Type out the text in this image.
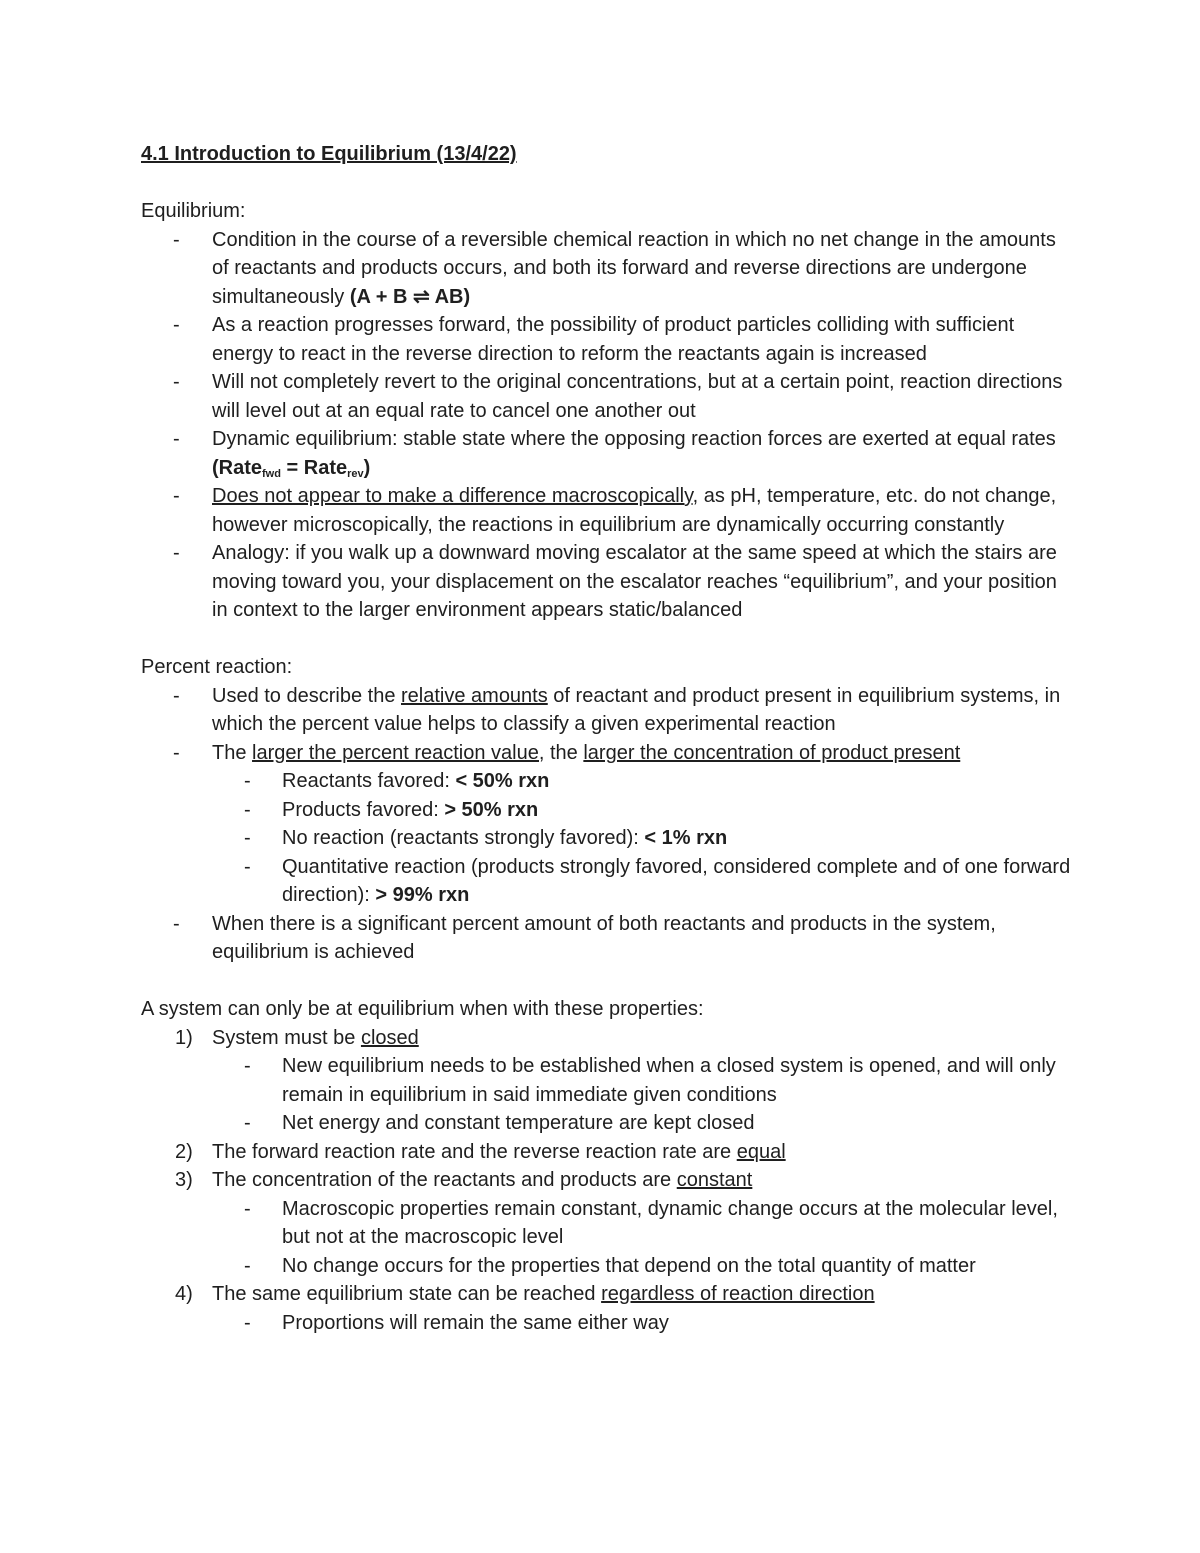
4.1 Introduction to Equilibrium (13/4/22)

Equilibrium:

- Condition in the course of a reversible chemical reaction in which no net change in the amounts of reactants and products occurs, and both its forward and reverse directions are undergone simultaneously (A + B ⇌ AB)
- As a reaction progresses forward, the possibility of product particles colliding with sufficient energy to react in the reverse direction to reform the reactants again is increased
- Will not completely revert to the original concentrations, but at a certain point, reaction directions will level out at an equal rate to cancel one another out
- Dynamic equilibrium: stable state where the opposing reaction forces are exerted at equal rates (Rate$_{fwd}$ = Rate$_{rev}$)
- Does not appear to make a difference macroscopically, as pH, temperature, etc. do not change, however microscopically, the reactions in equilibrium are dynamically occurring constantly
- Analogy: if you walk up a downward moving escalator at the same speed at which the stairs are moving toward you, your displacement on the escalator reaches “equilibrium”, and your position in context to the larger environment appears static/balanced

Percent reaction:

- Used to describe the relative amounts of reactant and product present in equilibrium systems, in which the percent value helps to classify a given experimental reaction
- The larger the percent reaction value, the larger the concentration of product present
- Reactants favored: < 50% rxn
- Products favored: > 50% rxn
- No reaction (reactants strongly favored): < 1% rxn
- Quantitative reaction (products strongly favored, considered complete and of one forward direction): > 99% rxn
- When there is a significant percent amount of both reactants and products in the system, equilibrium is achieved

A system can only be at equilibrium when with these properties:

1) System must be closed
- New equilibrium needs to be established when a closed system is opened, and will only remain in equilibrium in said immediate given conditions
- Net energy and constant temperature are kept closed
2) The forward reaction rate and the reverse reaction rate are equal
3) The concentration of the reactants and products are constant
- Macroscopic properties remain constant, dynamic change occurs at the molecular level, but not at the macroscopic level
- No change occurs for the properties that depend on the total quantity of matter
4) The same equilibrium state can be reached regardless of reaction direction
- Proportions will remain the same either way
